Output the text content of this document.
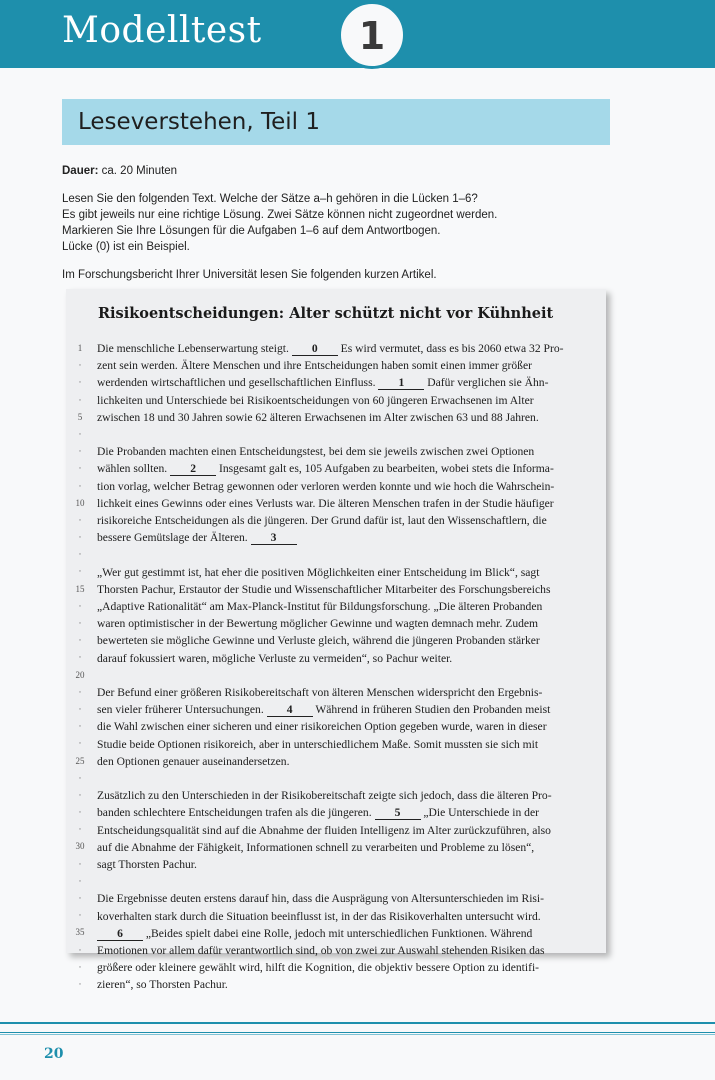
Modelltest	1
Leseverstehen, Teil 1

Dauer: ca. 20 Minuten

Lesen Sie den folgenden Text. Welche der Sätze a–h gehören in die Lücken 1–6?

Es gibt jeweils nur eine richtige Lösung. Zwei Sätze können nicht zugeordnet werden.

Markieren Sie Ihre Lösungen für die Aufgaben 1–6 auf dem Antwortbogen.

Lücke (0) ist ein Beispiel.

Im Forschungsbericht Ihrer Universität lesen Sie folgenden kurzen Artikel.

Risikoentscheidungen: Alter schützt nicht vor Kühnheit
1
·
·
·
5
·
·
·
·
10
·
·
·
·
15
·
·
·
·
20
·
·
·
·
25
·
·
·
·
30
·
·
·
·
35
·
·
·
Die menschliche Lebenserwartung steigt. 0 Es wird vermutet, dass es bis 2060 etwa 32 Pro-
zent sein werden. Ältere Menschen und ihre Entscheidungen haben somit einen immer größer
werdenden wirtschaftlichen und gesellschaftlichen Einfluss. 1 Dafür verglichen sie Ähn-
lichkeiten und Unterschiede bei Risikoentscheidungen von 60 jüngeren Erwachsenen im Alter
zwischen 18 und 30 Jahren sowie 62 älteren Erwachsenen im Alter zwischen 63 und 88 Jahren.
Die Probanden machten einen Entscheidungstest, bei dem sie jeweils zwischen zwei Optionen
wählen sollten. 2 Insgesamt galt es, 105 Aufgaben zu bearbeiten, wobei stets die Informa-
tion vorlag, welcher Betrag gewonnen oder verloren werden konnte und wie hoch die Wahrschein-
lichkeit eines Gewinns oder eines Verlusts war. Die älteren Menschen trafen in der Studie häufiger
risikoreiche Entscheidungen als die jüngeren. Der Grund dafür ist, laut den Wissenschaftlern, die
bessere Gemütslage der Älteren. 3
„Wer gut gestimmt ist, hat eher die positiven Möglichkeiten einer Entscheidung im Blick“, sagt
Thorsten Pachur, Erstautor der Studie und Wissenschaftlicher Mitarbeiter des Forschungsbereichs
„Adaptive Rationalität“ am Max-Planck-Institut für Bildungsforschung. „Die älteren Probanden
waren optimistischer in der Bewertung möglicher Gewinne und wagten demnach mehr. Zudem
bewerteten sie mögliche Gewinne und Verluste gleich, während die jüngeren Probanden stärker
darauf fokussiert waren, mögliche Verluste zu vermeiden“, so Pachur weiter.
Der Befund einer größeren Risikobereitschaft von älteren Menschen widerspricht den Ergebnis-
sen vieler früherer Untersuchungen. 4 Während in früheren Studien den Probanden meist
die Wahl zwischen einer sicheren und einer risikoreichen Option gegeben wurde, waren in dieser
Studie beide Optionen risikoreich, aber in unterschiedlichem Maße. Somit mussten sie sich mit
den Optionen genauer auseinandersetzen.
Zusätzlich zu den Unterschieden in der Risikobereitschaft zeigte sich jedoch, dass die älteren Pro-
banden schlechtere Entscheidungen trafen als die jüngeren. 5 „Die Unterschiede in der
Entscheidungsqualität sind auf die Abnahme der fluiden Intelligenz im Alter zurückzuführen, also
auf die Abnahme der Fähigkeit, Informationen schnell zu verarbeiten und Probleme zu lösen“,
sagt Thorsten Pachur.
Die Ergebnisse deuten erstens darauf hin, dass die Ausprägung von Altersunterschieden im Risi-
koverhalten stark durch die Situation beeinflusst ist, in der das Risikoverhalten untersucht wird.
6 „Beides spielt dabei eine Rolle, jedoch mit unterschiedlichen Funktionen. Während
Emotionen vor allem dafür verantwortlich sind, ob von zwei zur Auswahl stehenden Risiken das
größere oder kleinere gewählt wird, hilft die Kognition, die objektiv bessere Option zu identifi-
zieren“, so Thorsten Pachur.
20
